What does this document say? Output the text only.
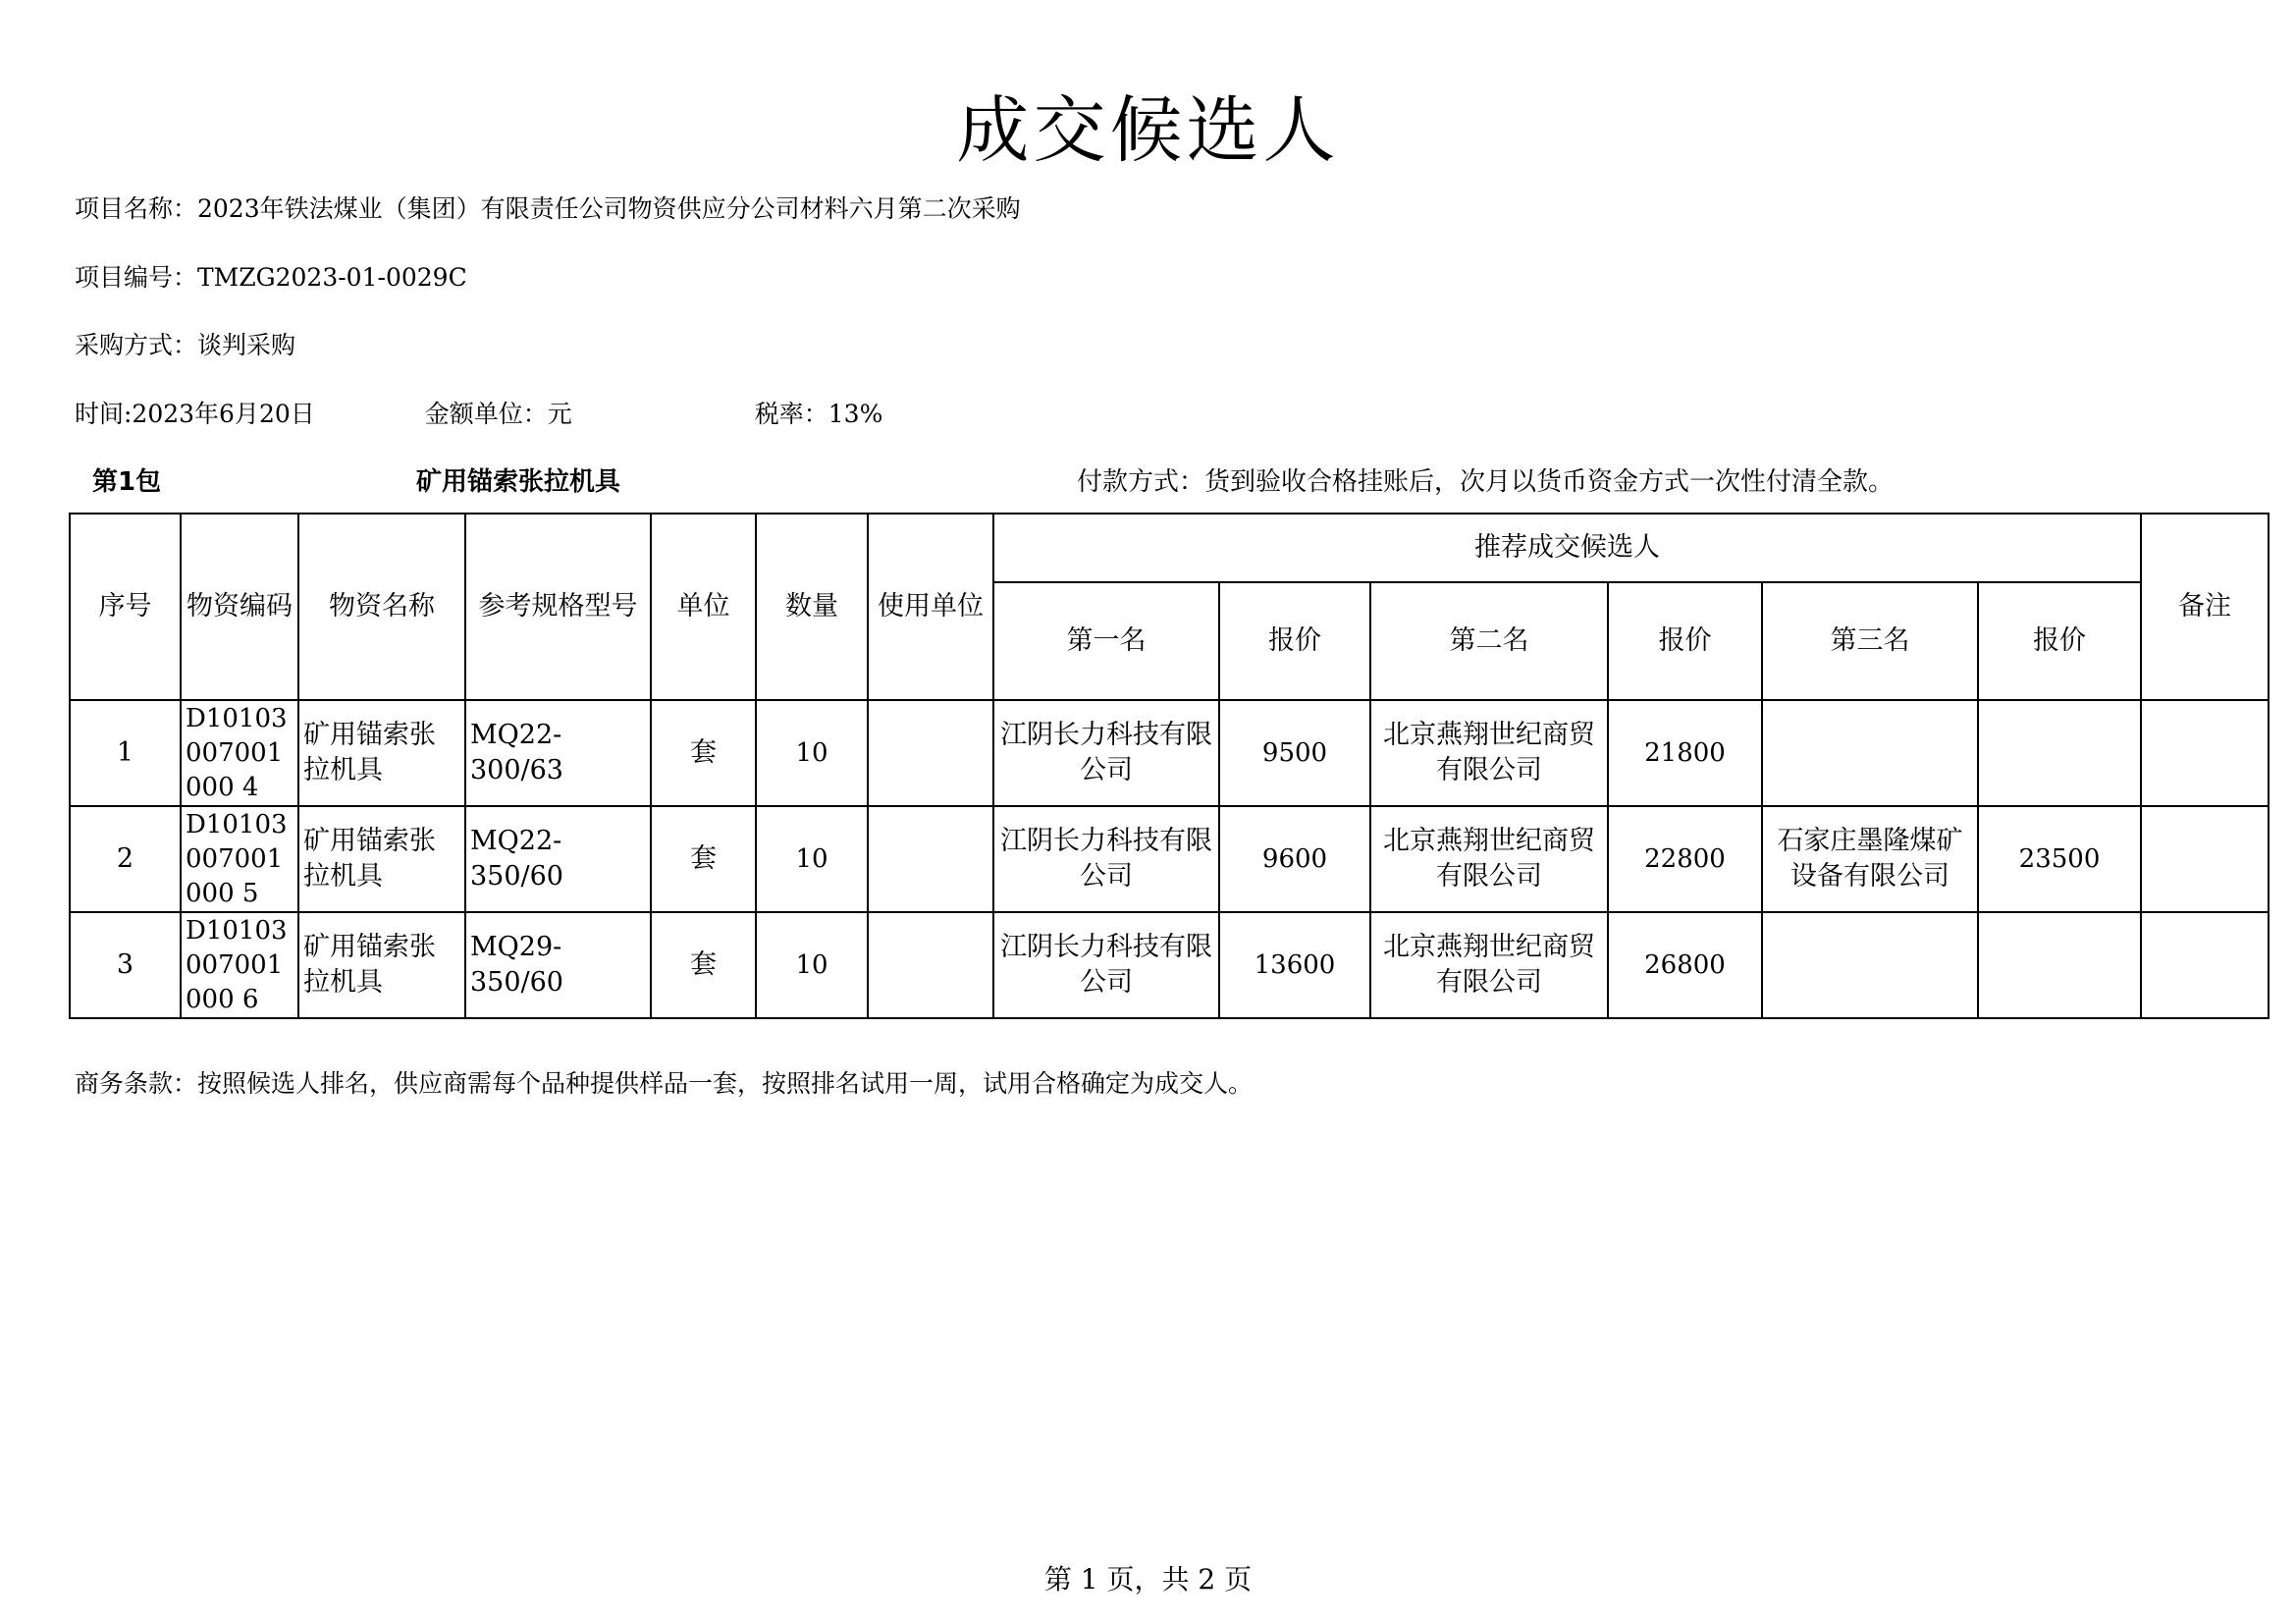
成交候选人
项目名称：2023年铁法煤业（集团）有限责任公司物资供应分公司材料六月第二次采购
项目编号：TMZG2023-01-0029C
采购方式：谈判采购
时间:2023年6月20日	金额单位：元	税率：13%
第1包	矿用锚索张拉机具	付款方式：货到验收合格挂账后，次月以货币资金方式一次性付清全款。
序号	物资编码	物资名称	参考规格型号	单位	数量	使用单位	推荐成交候选人						备注
							第一名	报价	第二名	报价	第三名	报价	
1	D10103007001000 4	矿用锚索张拉机具	MQ22-300/63	套	10		江阴长力科技有限公司	9500	北京燕翔世纪商贸有限公司	21800			
2	D10103007001000 5	矿用锚索张拉机具	MQ22-350/60	套	10		江阴长力科技有限公司	9600	北京燕翔世纪商贸有限公司	22800	石家庄墨隆煤矿设备有限公司	23500	
3	D10103007001000 6	矿用锚索张拉机具	MQ29-350/60	套	10		江阴长力科技有限公司	13600	北京燕翔世纪商贸有限公司	26800			
商务条款：按照候选人排名，供应商需每个品种提供样品一套，按照排名试用一周，试用合格确定为成交人。
第 1 页，共 2 页
